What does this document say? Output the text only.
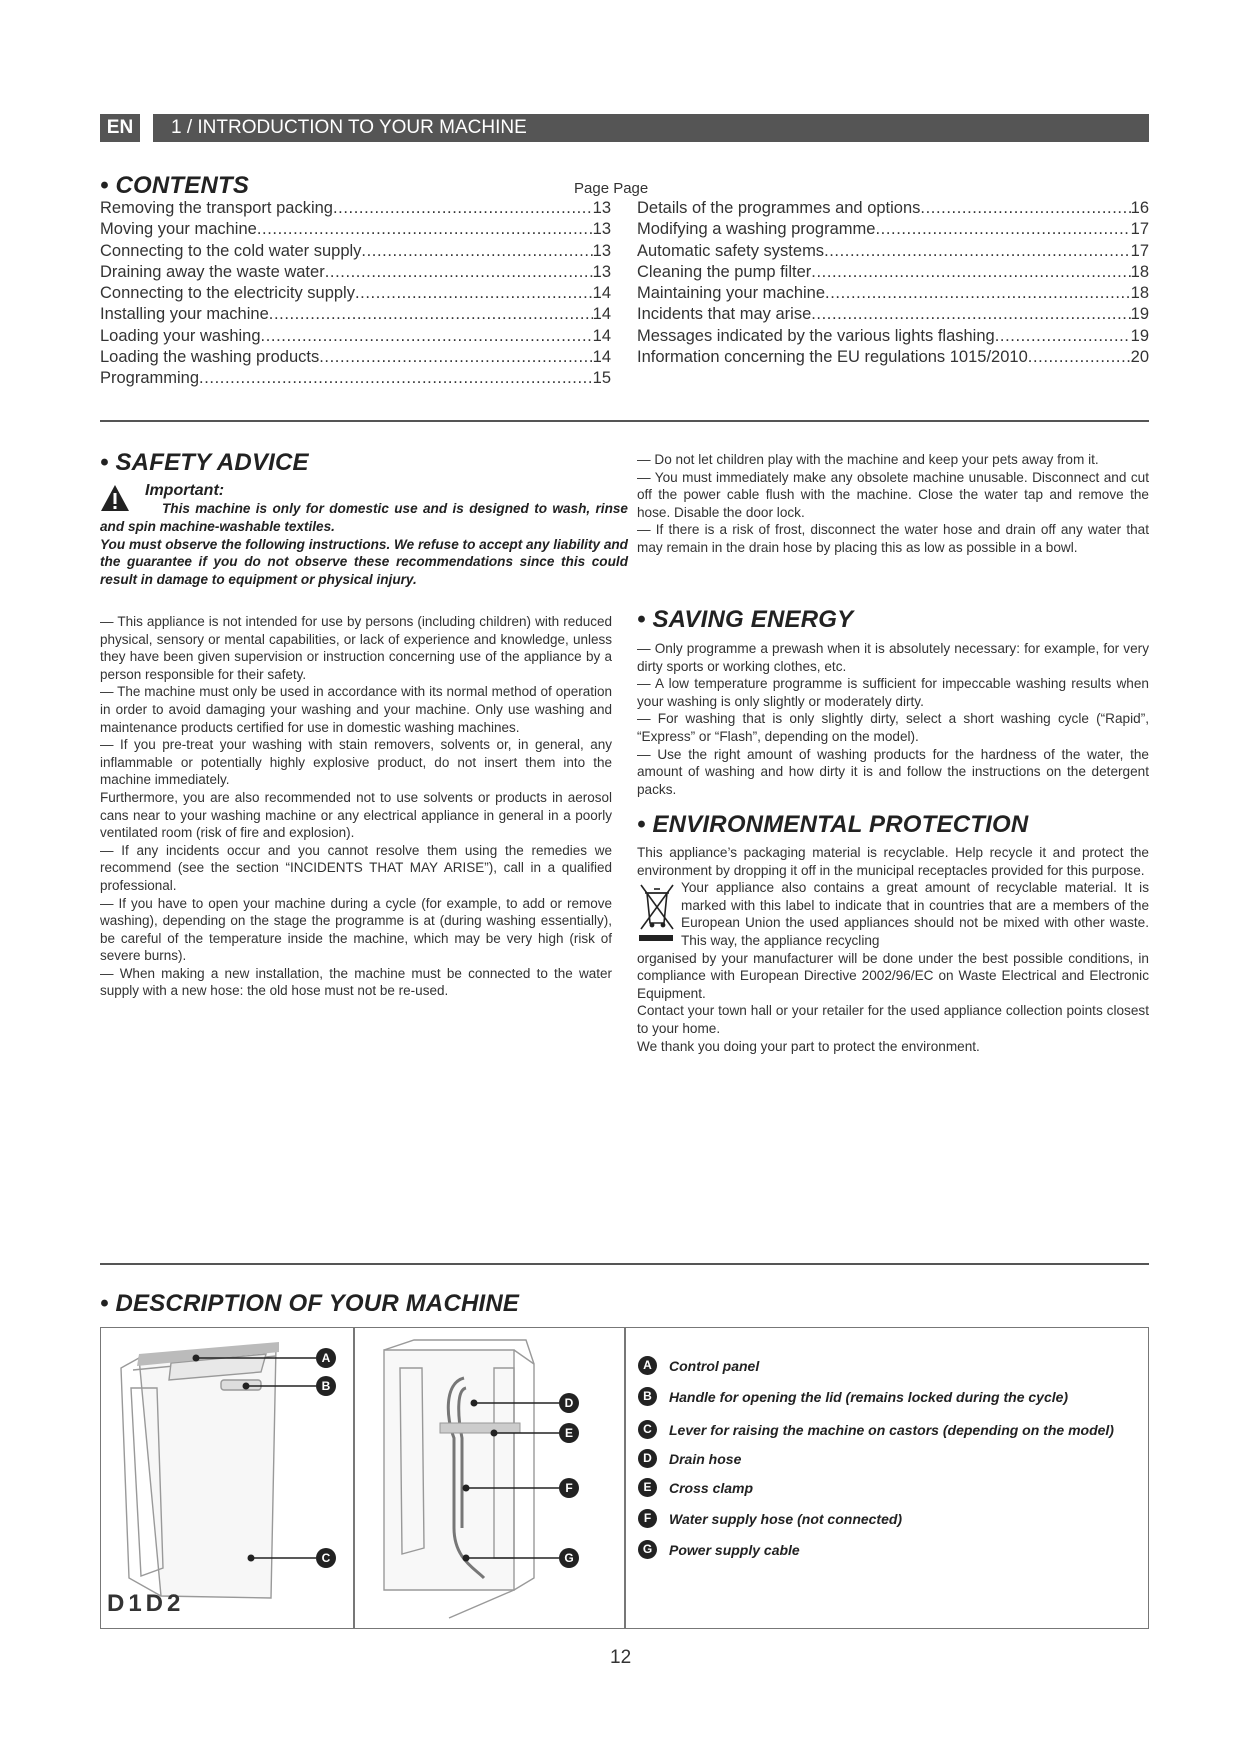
EN	1 / INTRODUCTION TO YOUR MACHINE
• CONTENTS	Page Page
Removing the transport packing .....	13
Moving your machine .....	13
Connecting to the cold water supply .....	13
Draining away the waste water .....	13
Connecting to the electricity supply .....	14
Installing your machine .....	14
Loading your washing .....	14
Loading the washing products .....	14
Programming .....	15
Details of the programmes and options .....	16
Modifying a washing programme .....	17
Automatic safety systems .....	17
Cleaning the pump filter .....	18
Maintaining your machine .....	18
Incidents that may arise .....	19
Messages indicated by the various lights flashing .....	19
Information concerning the EU regulations 1015/2010 .....	20
• SAFETY ADVICE
Important:

This machine is only for domestic use and is designed to wash, rinse and spin machine-washable textiles.

You must observe the following instructions. We refuse to accept any liability and the guarantee if you do not observe these recommendations since this could result in damage to equipment or physical injury.

— This appliance is not intended for use by persons (including children) with reduced physical, sensory or mental capabilities, or lack of experience and knowledge, unless they have been given supervision or instruction concerning use of the appliance by a person responsible for their safety.

— The machine must only be used in accordance with its normal method of operation in order to avoid damaging your washing and your machine. Only use washing and maintenance products certified for use in domestic washing machines.

— If you pre-treat your washing with stain removers, solvents or, in general, any inflammable or potentially highly explosive product, do not insert them into the machine immediately.

Furthermore, you are also recommended not to use solvents or products in aerosol cans near to your washing machine or any electrical appliance in general in a poorly ventilated room (risk of fire and explosion).

— If any incidents occur and you cannot resolve them using the remedies we recommend (see the section “INCIDENTS THAT MAY ARISE”), call in a qualified professional.

— If you have to open your machine during a cycle (for example, to add or remove washing), depending on the stage the programme is at (during washing essentially), be careful of the temperature inside the machine, which may be very high (risk of severe burns).

— When making a new installation, the machine must be connected to the water supply with a new hose: the old hose must not be re-used.

— Do not let children play with the machine and keep your pets away from it.

— You must immediately make any obsolete machine unusable. Disconnect and cut off the power cable flush with the machine. Close the water tap and remove the hose. Disable the door lock.

— If there is a risk of frost, disconnect the water hose and drain off any water that may remain in the drain hose by placing this as low as possible in a bowl.

• SAVING ENERGY

— Only programme a prewash when it is absolutely necessary: for example, for very dirty sports or working clothes, etc.

— A low temperature programme is sufficient for impeccable washing results when your washing is only slightly or moderately dirty.

— For washing that is only slightly dirty, select a short washing cycle (“Rapid”, “Express” or “Flash”, depending on the model).

— Use the right amount of washing products for the hardness of the water, the amount of washing and how dirty it is and follow the instructions on the detergent packs.

• ENVIRONMENTAL PROTECTION

This appliance’s packaging material is recyclable. Help recycle it and protect the environment by dropping it off in the municipal receptacles provided for this purpose.

Your appliance also contains a great amount of recyclable material. It is marked with this label to indicate that in countries that are a members of the European Union the used appliances should not be mixed with other waste. This way, the appliance recycling

organised by your manufacturer will be done under the best possible conditions, in compliance with European Directive 2002/96/EC on Waste Electrical and Electronic Equipment.

Contact your town hall or your retailer for the used appliance collection points closest to your home.

We thank you doing your part to protect the environment.

• DESCRIPTION OF YOUR MACHINE
A
B
C
D1D2
D
E
F
G
A	Control panel
B	Handle for opening the lid (remains locked during the cycle)
C	Lever for raising the machine on castors (depending on the model)
D	Drain hose
E	Cross clamp
F	Water supply hose (not connected)
G	Power supply cable
12
